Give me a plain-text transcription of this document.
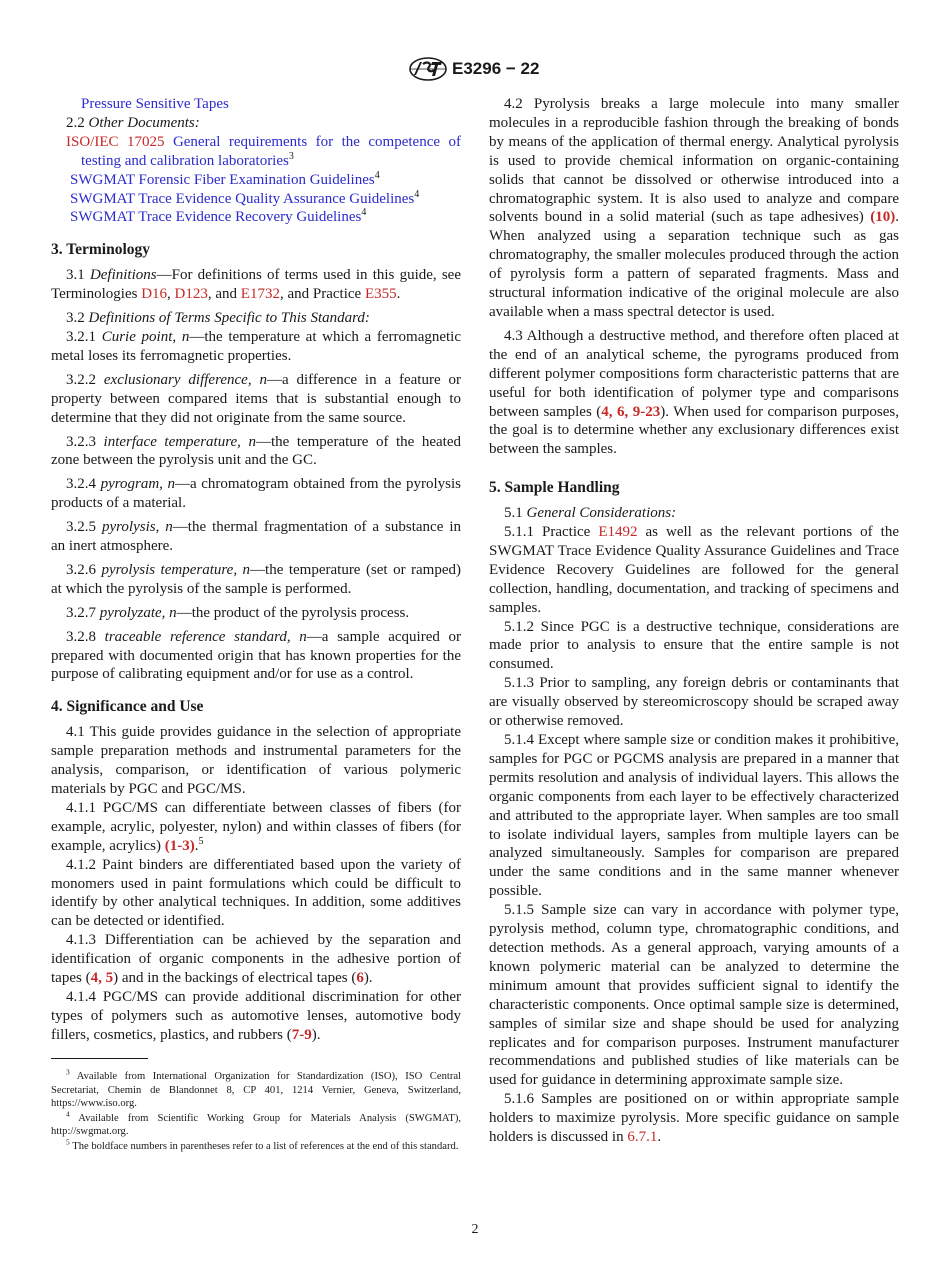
E3296 − 22

Pressure Sensitive Tapes

2.2 Other Documents:

ISO/IEC 17025 General requirements for the competence of testing and calibration laboratories$^3$

SWGMAT Forensic Fiber Examination Guidelines$^4$

SWGMAT Trace Evidence Quality Assurance Guidelines$^4$

SWGMAT Trace Evidence Recovery Guidelines$^4$

3. Terminology

3.1 Definitions—For definitions of terms used in this guide, see Terminologies D16, D123, and E1732, and Practice E355.

3.2 Definitions of Terms Specific to This Standard:

3.2.1 Curie point, n—the temperature at which a ferromagnetic metal loses its ferromagnetic properties.

3.2.2 exclusionary difference, n—a difference in a feature or property between compared items that is substantial enough to determine that they did not originate from the same source.

3.2.3 interface temperature, n—the temperature of the heated zone between the pyrolysis unit and the GC.

3.2.4 pyrogram, n—a chromatogram obtained from the pyrolysis products of a material.

3.2.5 pyrolysis, n—the thermal fragmentation of a substance in an inert atmosphere.

3.2.6 pyrolysis temperature, n—the temperature (set or ramped) at which the pyrolysis of the sample is performed.

3.2.7 pyrolyzate, n—the product of the pyrolysis process.

3.2.8 traceable reference standard, n—a sample acquired or prepared with documented origin that has known properties for the purpose of calibrating equipment and/or for use as a control.

4. Significance and Use

4.1 This guide provides guidance in the selection of appropriate sample preparation methods and instrumental parameters for the analysis, comparison, or identification of various polymeric materials by PGC and PGC/MS.

4.1.1 PGC/MS can differentiate between classes of fibers (for example, acrylic, polyester, nylon) and within classes of fibers (for example, acrylics) (1-3).$^5$

4.1.2 Paint binders are differentiated based upon the variety of monomers used in paint formulations which could be difficult to identify by other analytical techniques. In addition, some additives can be detected or identified.

4.1.3 Differentiation can be achieved by the separation and identification of organic components in the adhesive portion of tapes (4, 5) and in the backings of electrical tapes (6).

4.1.4 PGC/MS can provide additional discrimination for other types of polymers such as automotive lenses, automotive body fillers, cosmetics, plastics, and rubbers (7-9).

$^3$ Available from International Organization for Standardization (ISO), ISO Central Secretariat, Chemin de Blandonnet 8, CP 401, 1214 Vernier, Geneva, Switzerland, https://www.iso.org.

$^4$ Available from Scientific Working Group for Materials Analysis (SWGMAT), http://swgmat.org.

$^5$ The boldface numbers in parentheses refer to a list of references at the end of this standard.

4.2 Pyrolysis breaks a large molecule into many smaller molecules in a reproducible fashion through the breaking of bonds by means of the application of thermal energy. Analytical pyrolysis is used to provide chemical information on organic-containing solids that cannot be dissolved or otherwise introduced into a chromatographic system. It is also used to analyze and compare solvents bound in a solid material (such as tape adhesives) (10). When analyzed using a separation technique such as gas chromatography, the smaller molecules produced through the action of pyrolysis form a pattern of separated fragments. Mass and structural information indicative of the original molecule are also available when a mass spectral detector is used.

4.3 Although a destructive method, and therefore often placed at the end of an analytical scheme, the pyrograms produced from different polymer compositions form characteristic patterns that are useful for both identification of polymer type and comparisons between samples (4, 6, 9-23). When used for comparison purposes, the goal is to determine whether any exclusionary differences exist between the samples.

5. Sample Handling

5.1 General Considerations:

5.1.1 Practice E1492 as well as the relevant portions of the SWGMAT Trace Evidence Quality Assurance Guidelines and Trace Evidence Recovery Guidelines are followed for the general collection, handling, documentation, and tracking of specimens and samples.

5.1.2 Since PGC is a destructive technique, considerations are made prior to analysis to ensure that the entire sample is not consumed.

5.1.3 Prior to sampling, any foreign debris or contaminants that are visually observed by stereomicroscopy should be scraped away or otherwise removed.

5.1.4 Except where sample size or condition makes it prohibitive, samples for PGC or PGCMS analysis are prepared in a manner that permits resolution and analysis of individual layers. This allows the organic components from each layer to be effectively characterized and attributed to the appropriate layer. When samples are too small to isolate individual layers, samples from multiple layers can be analyzed simultaneously. Samples for comparison are prepared under the same conditions and in the same manner whenever possible.

5.1.5 Sample size can vary in accordance with polymer type, pyrolysis method, column type, chromatographic conditions, and detection methods. As a general approach, varying amounts of a known polymeric material can be analyzed to determine the minimum amount that provides sufficient signal to identify the characteristic components. Once optimal sample size is determined, samples of similar size and shape should be used for analyzing replicates and for comparison purposes. Instrument manufacturer recommendations and published studies of like materials can be used for guidance in determining approximate sample size.

5.1.6 Samples are positioned on or within appropriate sample holders to maximize pyrolysis. More specific guidance on sample holders is discussed in 6.7.1.

2
